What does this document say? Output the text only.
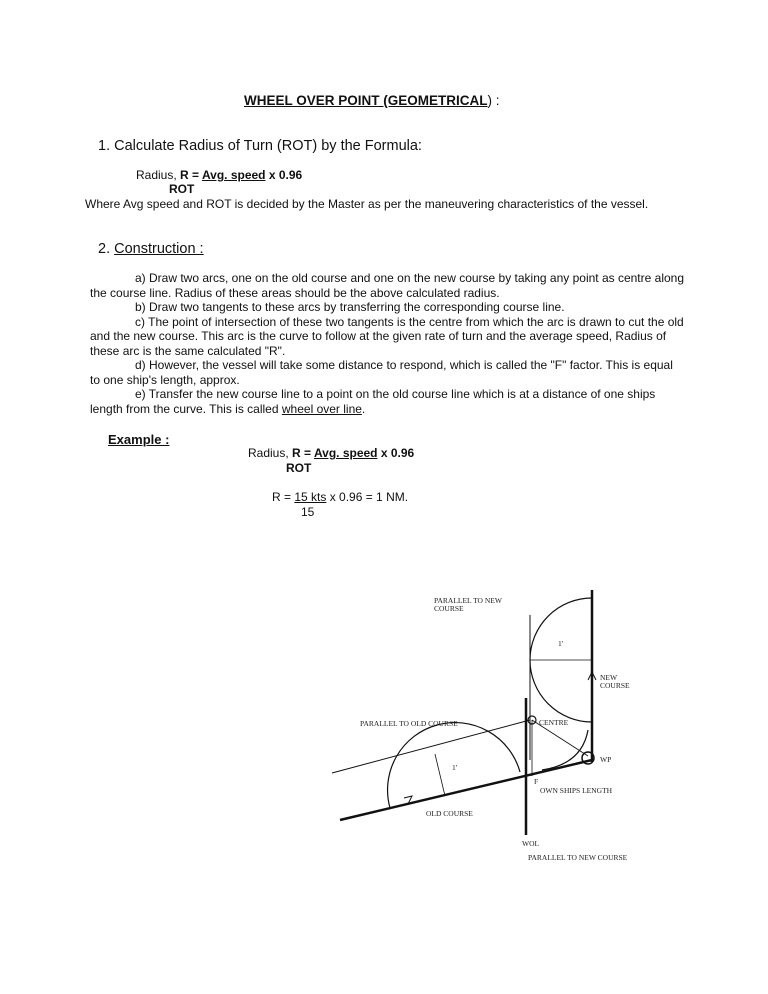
WHEEL OVER POINT (GEOMETRICAL) :
1. Calculate Radius of Turn (ROT) by the Formula:
Radius, R = Avg. speed x 0.96
ROT
Where Avg speed and ROT is decided by the Master as per the maneuvering characteristics of the vessel.
2. Construction :
a) Draw two arcs, one on the old course and one on the new course by taking any point as centre along the course line. Radius of these areas should be the above calculated radius.
b) Draw two tangents to these arcs by transferring the corresponding course line.
c) The point of intersection of these two tangents is the centre from which the arc is drawn to cut the old and the new course. This arc is the curve to follow at the given rate of turn and the average speed, Radius of these arc is the same calculated "R".
d) However, the vessel will take some distance to respond, which is called the "F" factor. This is equal to one ship's length, approx.
e) Transfer the new course line to a point on the old course line which is at a distance of one ships length from the curve. This is called wheel over line.
Example :
Radius, R = Avg. speed x 0.96
ROT
R = 15 kts x 0.96 = 1 NM.
15
PARALLEL TO NEW
COURSE
1'
NEW
COURSE
PARALLEL TO OLD COURSE	CENTRE
WP
1'
F
OWN SHIPS LENGTH
OLD COURSE
WOL
PARALLEL TO NEW COURSE
